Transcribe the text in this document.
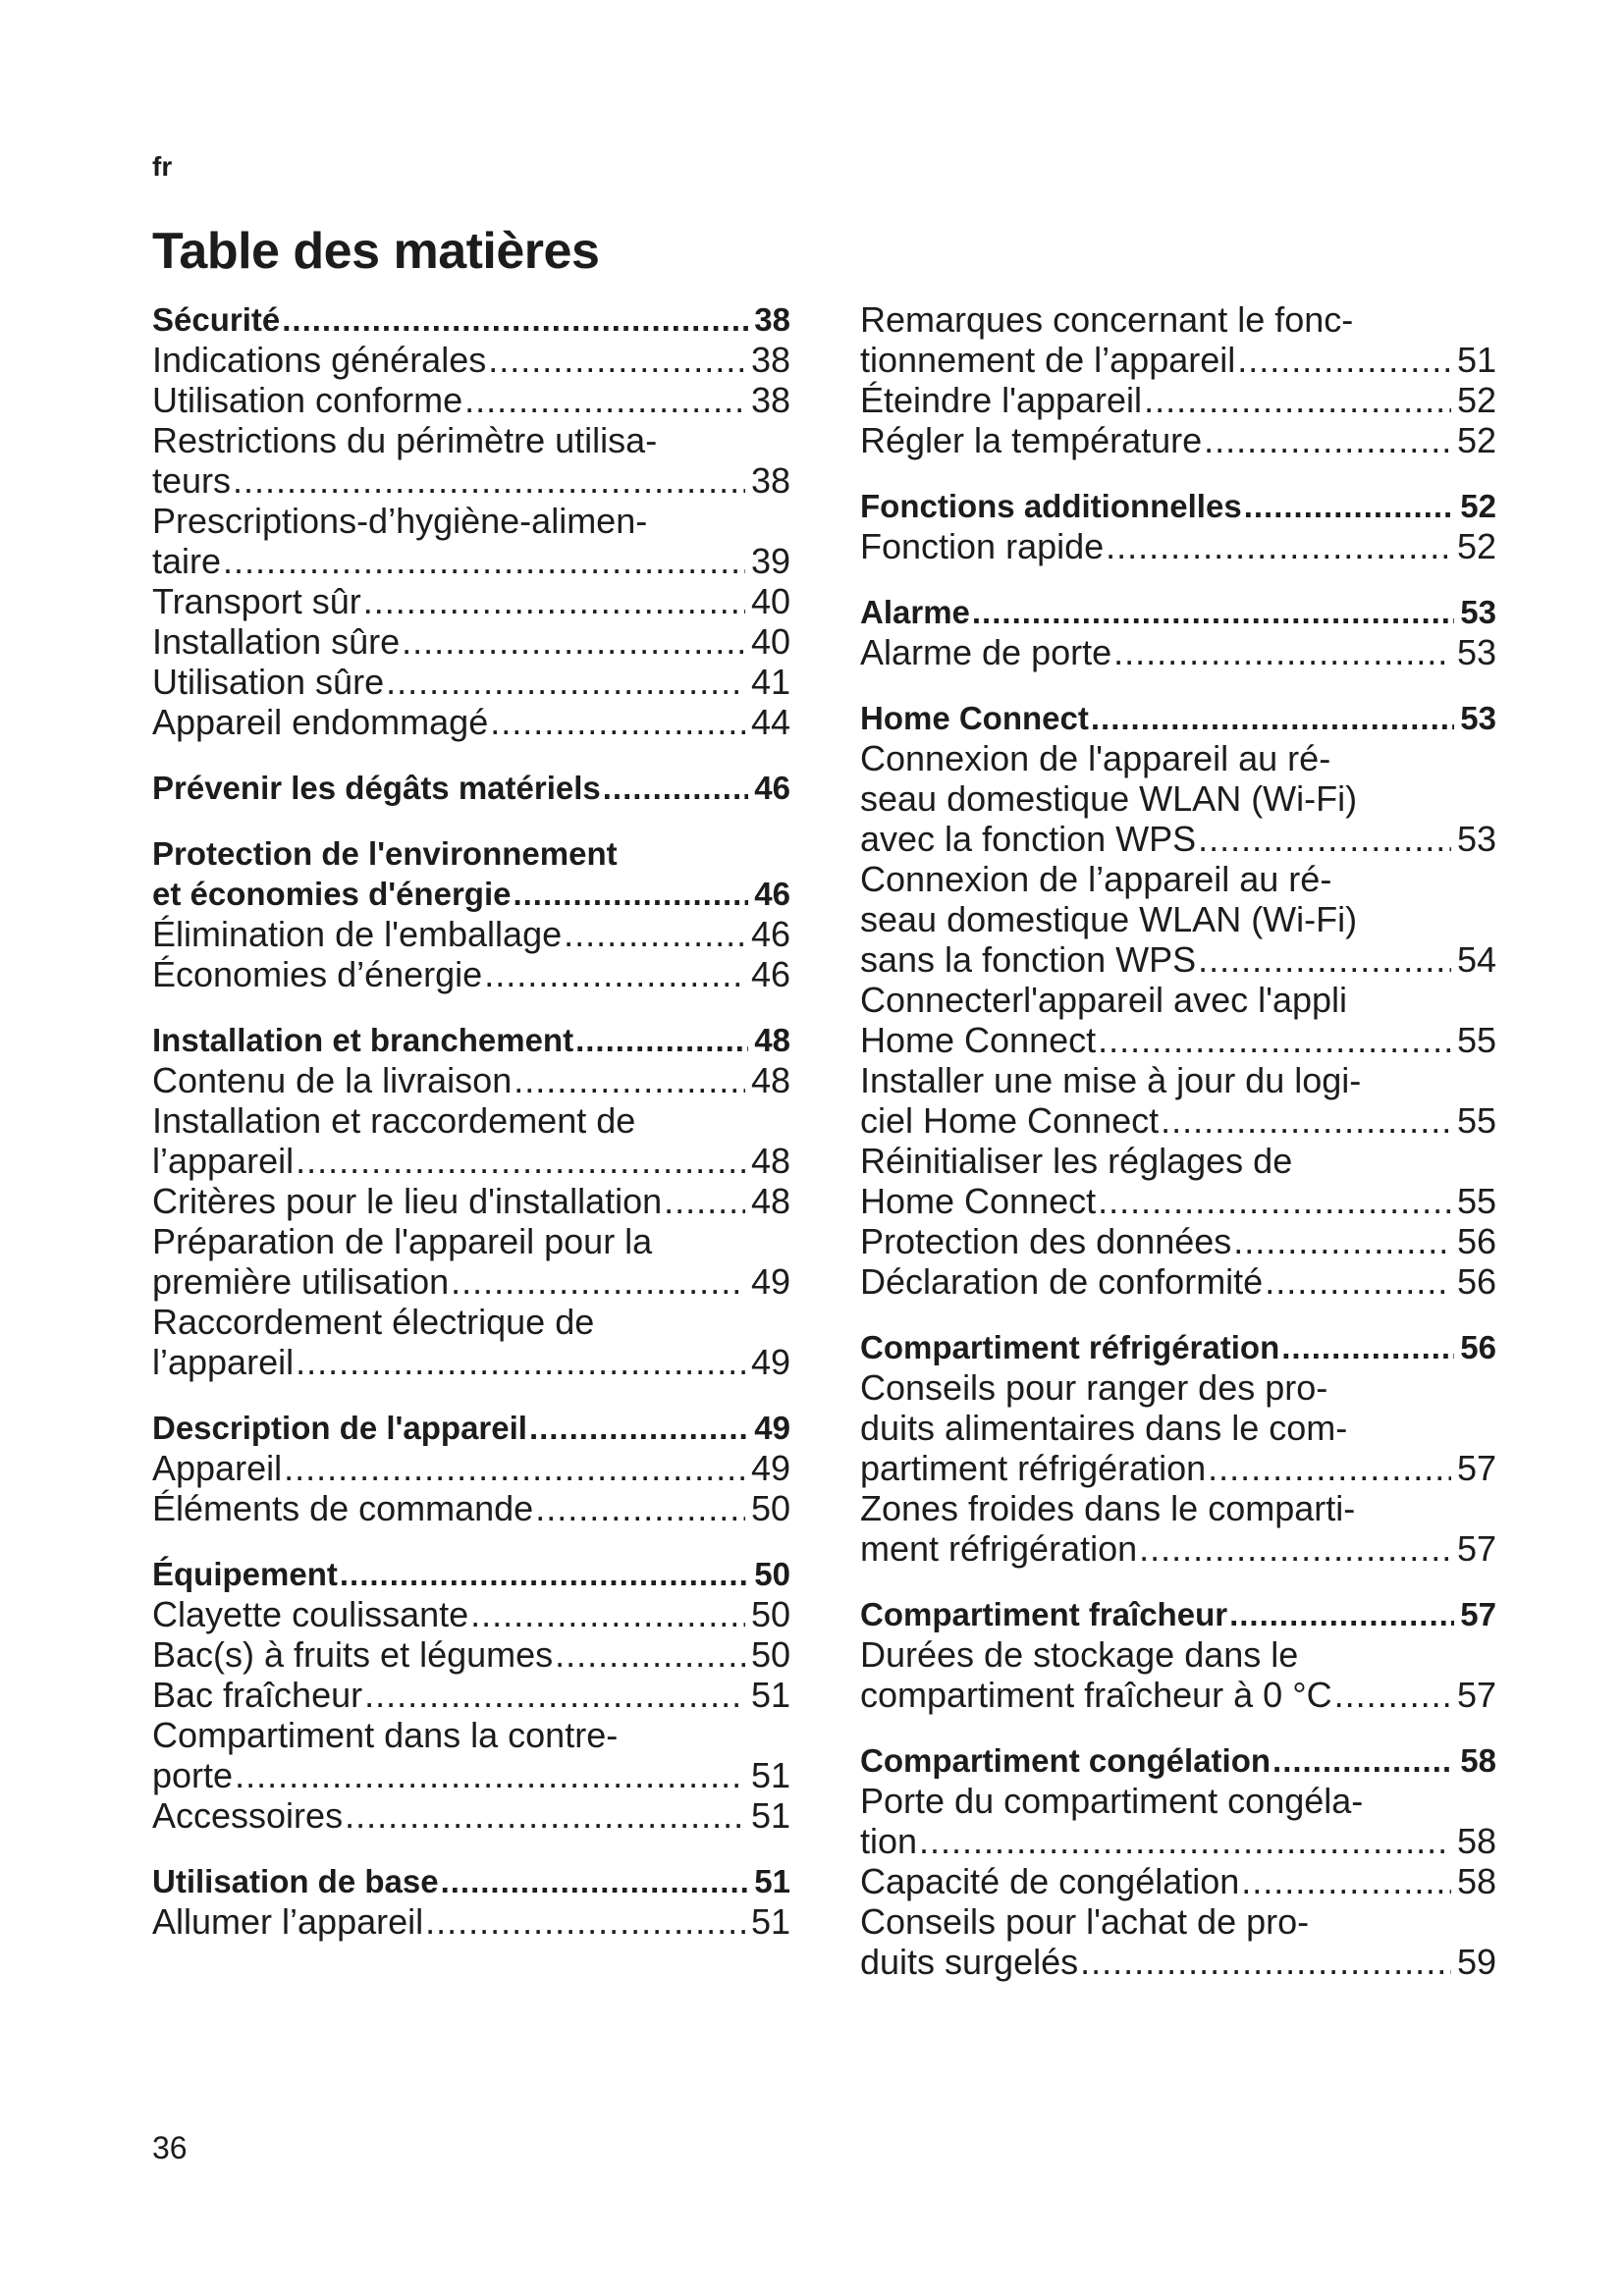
fr
Table des matières
Sécurité .....	38
Indications générales .....	38
Utilisation conforme .....	38
Restrictions du périmètre utilisa-
teurs .....	38
Prescriptions-d’hygiène-alimen-
taire .....	39
Transport sûr .....	40
Installation sûre .....	40
Utilisation sûre .....	41
Appareil endommagé .....	44
Prévenir les dégâts matériels .....	46
Protection de l'environnement
et économies d'énergie .....	46
Élimination de l'emballage .....	46
Économies d’énergie .....	46
Installation et branchement .....	48
Contenu de la livraison .....	48
Installation et raccordement de
l’appareil .....	48
Critères pour le lieu d'installation .....	48
Préparation de l'appareil pour la
première utilisation .....	49
Raccordement électrique de
l’appareil .....	49
Description de l'appareil .....	49
Appareil .....	49
Éléments de commande .....	50
Équipement .....	50
Clayette coulissante .....	50
Bac(s) à fruits et légumes .....	50
Bac fraîcheur .....	51
Compartiment dans la contre-
porte .....	51
Accessoires .....	51
Utilisation de base .....	51
Allumer l’appareil .....	51
Remarques concernant le fonc-
tionnement de l’appareil .....	51
Éteindre l'appareil .....	52
Régler la température .....	52
Fonctions additionnelles .....	52
Fonction rapide .....	52
Alarme .....	53
Alarme de porte .....	53
Home Connect .....	53
Connexion de l'appareil au ré-
seau domestique WLAN (Wi-Fi)
avec la fonction WPS .....	53
Connexion de l’appareil au ré-
seau domestique WLAN (Wi-Fi)
sans la fonction WPS .....	54
Connecterl'appareil avec l'appli
Home Connect .....	55
Installer une mise à jour du logi-
ciel Home Connect .....	55
Réinitialiser les réglages de
Home Connect .....	55
Protection des données .....	56
Déclaration de conformité .....	56
Compartiment réfrigération .....	56
Conseils pour ranger des pro-
duits alimentaires dans le com-
partiment réfrigération .....	57
Zones froides dans le comparti-
ment réfrigération .....	57
Compartiment fraîcheur .....	57
Durées de stockage dans le
compartiment fraîcheur à 0 °C .....	57
Compartiment congélation .....	58
Porte du compartiment congéla-
tion .....	58
Capacité de congélation .....	58
Conseils pour l'achat de pro-
duits surgelés .....	59
36
